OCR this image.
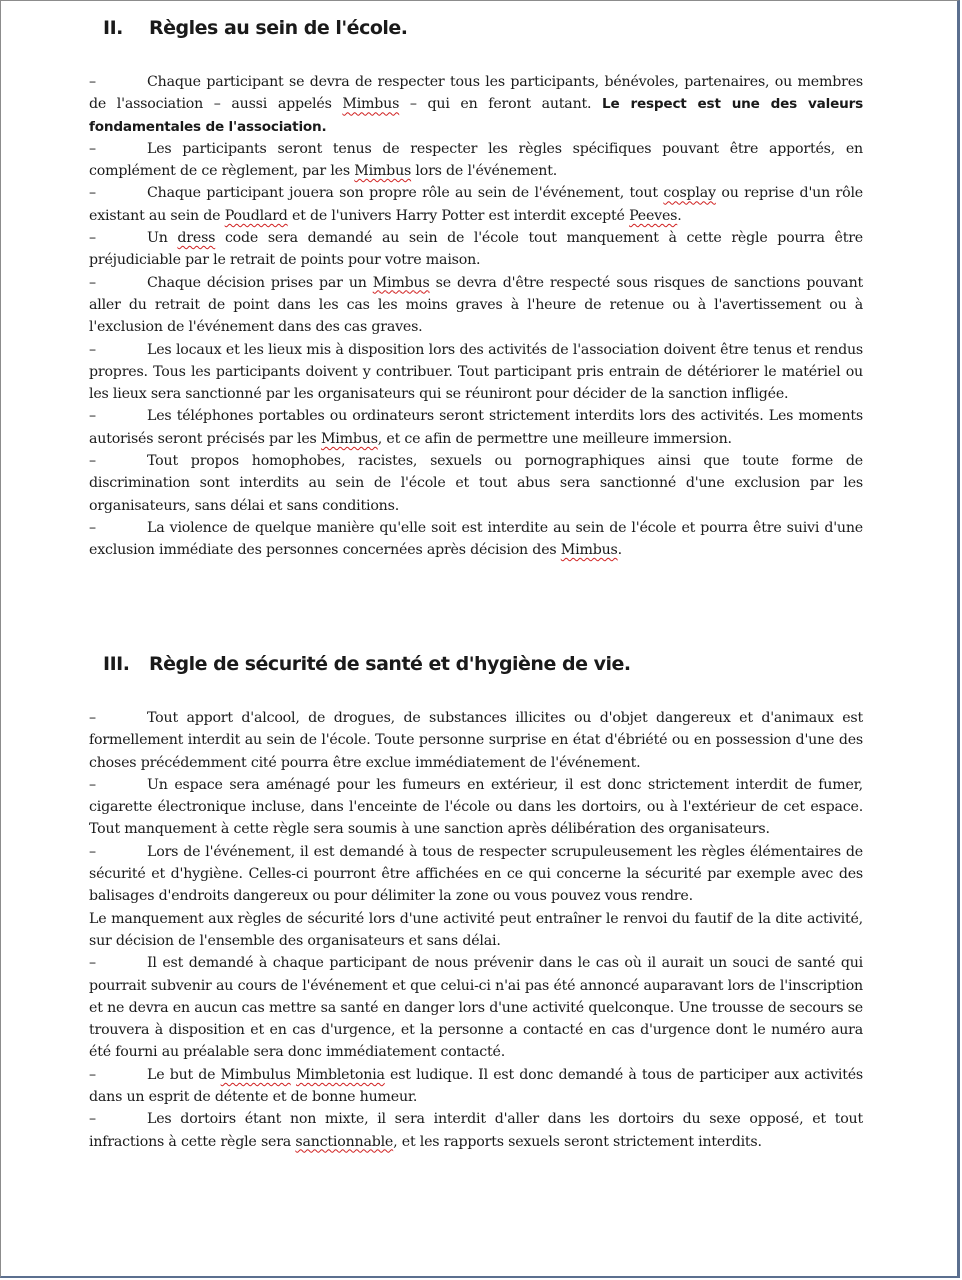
II.	Règles au sein de l'école.

–	Chaque participant se devra de respecter tous les participants, bénévoles, partenaires, ou membres de l'association – aussi appelés Mimbus – qui en feront autant. Le respect est une des valeurs fondamentales de l'association.

–	Les participants seront tenus de respecter les règles spécifiques pouvant être apportés, en complément de ce règlement, par les Mimbus lors de l'événement.

–	Chaque participant jouera son propre rôle au sein de l'événement, tout cosplay ou reprise d'un rôle existant au sein de Poudlard et de l'univers Harry Potter est interdit excepté Peeves.

–	Un dress code sera demandé au sein de l'école tout manquement à cette règle pourra être préjudiciable par le retrait de points pour votre maison.

–	Chaque décision prises par un Mimbus se devra d'être respecté sous risques de sanctions pouvant aller du retrait de point dans les cas les moins graves à l'heure de retenue ou à l'avertissement ou à l'exclusion de l'événement dans des cas graves.

–	Les locaux et les lieux mis à disposition lors des activités de l'association doivent être tenus et rendus propres. Tous les participants doivent y contribuer. Tout participant pris entrain de détériorer le matériel ou les lieux sera sanctionné par les organisateurs qui se réuniront pour décider de la sanction infligée.

–	Les téléphones portables ou ordinateurs seront strictement interdits lors des activités. Les moments autorisés seront précisés par les Mimbus, et ce afin de permettre une meilleure immersion.

–	Tout propos homophobes, racistes, sexuels ou pornographiques ainsi que toute forme de discrimination sont interdits au sein de l'école et tout abus sera sanctionné d'une exclusion par les organisateurs, sans délai et sans conditions.

–	La violence de quelque manière qu'elle soit est interdite au sein de l'école et pourra être suivi d'une exclusion immédiate des personnes concernées après décision des Mimbus.

III.	Règle de sécurité de santé et d'hygiène de vie.

–	Tout apport d'alcool, de drogues, de substances illicites ou d'objet dangereux et d'animaux est formellement interdit au sein de l'école. Toute personne surprise en état d'ébriété ou en possession d'une des choses précédemment cité pourra être exclue immédiatement de l'événement.

–	Un espace sera aménagé pour les fumeurs en extérieur, il est donc strictement interdit de fumer, cigarette électronique incluse, dans l'enceinte de l'école ou dans les dortoirs, ou à l'extérieur de cet espace. Tout manquement à cette règle sera soumis à une sanction après délibération des organisateurs.

–	Lors de l'événement, il est demandé à tous de respecter scrupuleusement les règles élémentaires de sécurité et d'hygiène. Celles-ci pourront être affichées en ce qui concerne la sécurité par exemple avec des balisages d'endroits dangereux ou pour délimiter la zone ou vous pouvez vous rendre.

Le manquement aux règles de sécurité lors d'une activité peut entraîner le renvoi du fautif de la dite activité, sur décision de l'ensemble des organisateurs et sans délai.

–	Il est demandé à chaque participant de nous prévenir dans le cas où il aurait un souci de santé qui pourrait subvenir au cours de l'événement et que celui-ci n'ai pas été annoncé auparavant lors de l'inscription et ne devra en aucun cas mettre sa santé en danger lors d'une activité quelconque. Une trousse de secours se trouvera à disposition et en cas d'urgence, et la personne a contacté en cas d'urgence dont le numéro aura été fourni au préalable sera donc immédiatement contacté.

–	Le but de Mimbulus Mimbletonia est ludique. Il est donc demandé à tous de participer aux activités dans un esprit de détente et de bonne humeur.

–	Les dortoirs étant non mixte, il sera interdit d'aller dans les dortoirs du sexe opposé, et tout infractions à cette règle sera sanctionnable, et les rapports sexuels seront strictement interdits.
